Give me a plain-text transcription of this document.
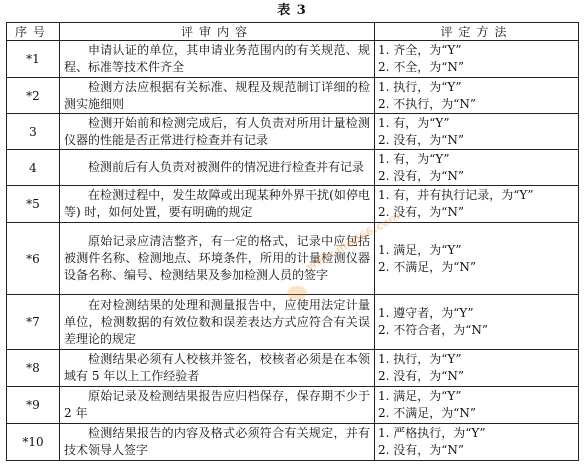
表 3
序号	评审内容	评定方法
*1	申请认证的单位，其申请业务范围内的有关规范、规程、标准等技术件齐全	1. 齐全，为“Y”
2. 不全，为“N”

*2	检测方法应根据有关标准、规程及规范制订详细的检测实施细则	1. 执行，为“Y”
2. 不执行，为“N”

3	检测开始前和检测完成后，有人负责对所用计量检测仪器的性能是否正常进行检查并有记录	1. 有，为“Y”
2. 没有，为“N”

4	检测前后有人负责对被测件的情况进行检查并有记录	1. 有，为“Y”
2. 没有，为“N”

*5	在检测过程中，发生故障或出现某种外界干扰(如停电等) 时，如何处置，要有明确的规定	1. 有，并有执行记录，为“Y”
2. 没有，为“N”

*6	原始记录应清洁整齐，有一定的格式，记录中应包括被测件名称、检测地点、环境条件，所用的计量检测仪器设备名称、编号、检测结果及参加检测人员的签字	1. 满足，为“Y”
2. 不满足，为“N”

*7	在对检测结果的处理和测量报告中，应使用法定计量单位，检测数据的有效位数和误差表达方式应符合有关误差理论的规定	1. 遵守者，为“Y”
2. 不符合者，为“N”

*8	检测结果必须有人校核并签名，校核者必须是在本领域有 5 年以上工作经验者	1. 执行，为“Y”
2. 没有，为“N”

*9	原始记录及检测结果报告应归档保存，保存期不少于 2 年	1. 满足，为“Y”
2. 不满足，为“N”

*10	检测结果报告的内容及格式必须符合有关规定，并有技术领导人签字	1. 严格执行，为“Y”
2. 没有，为“N”
www.med66.com
